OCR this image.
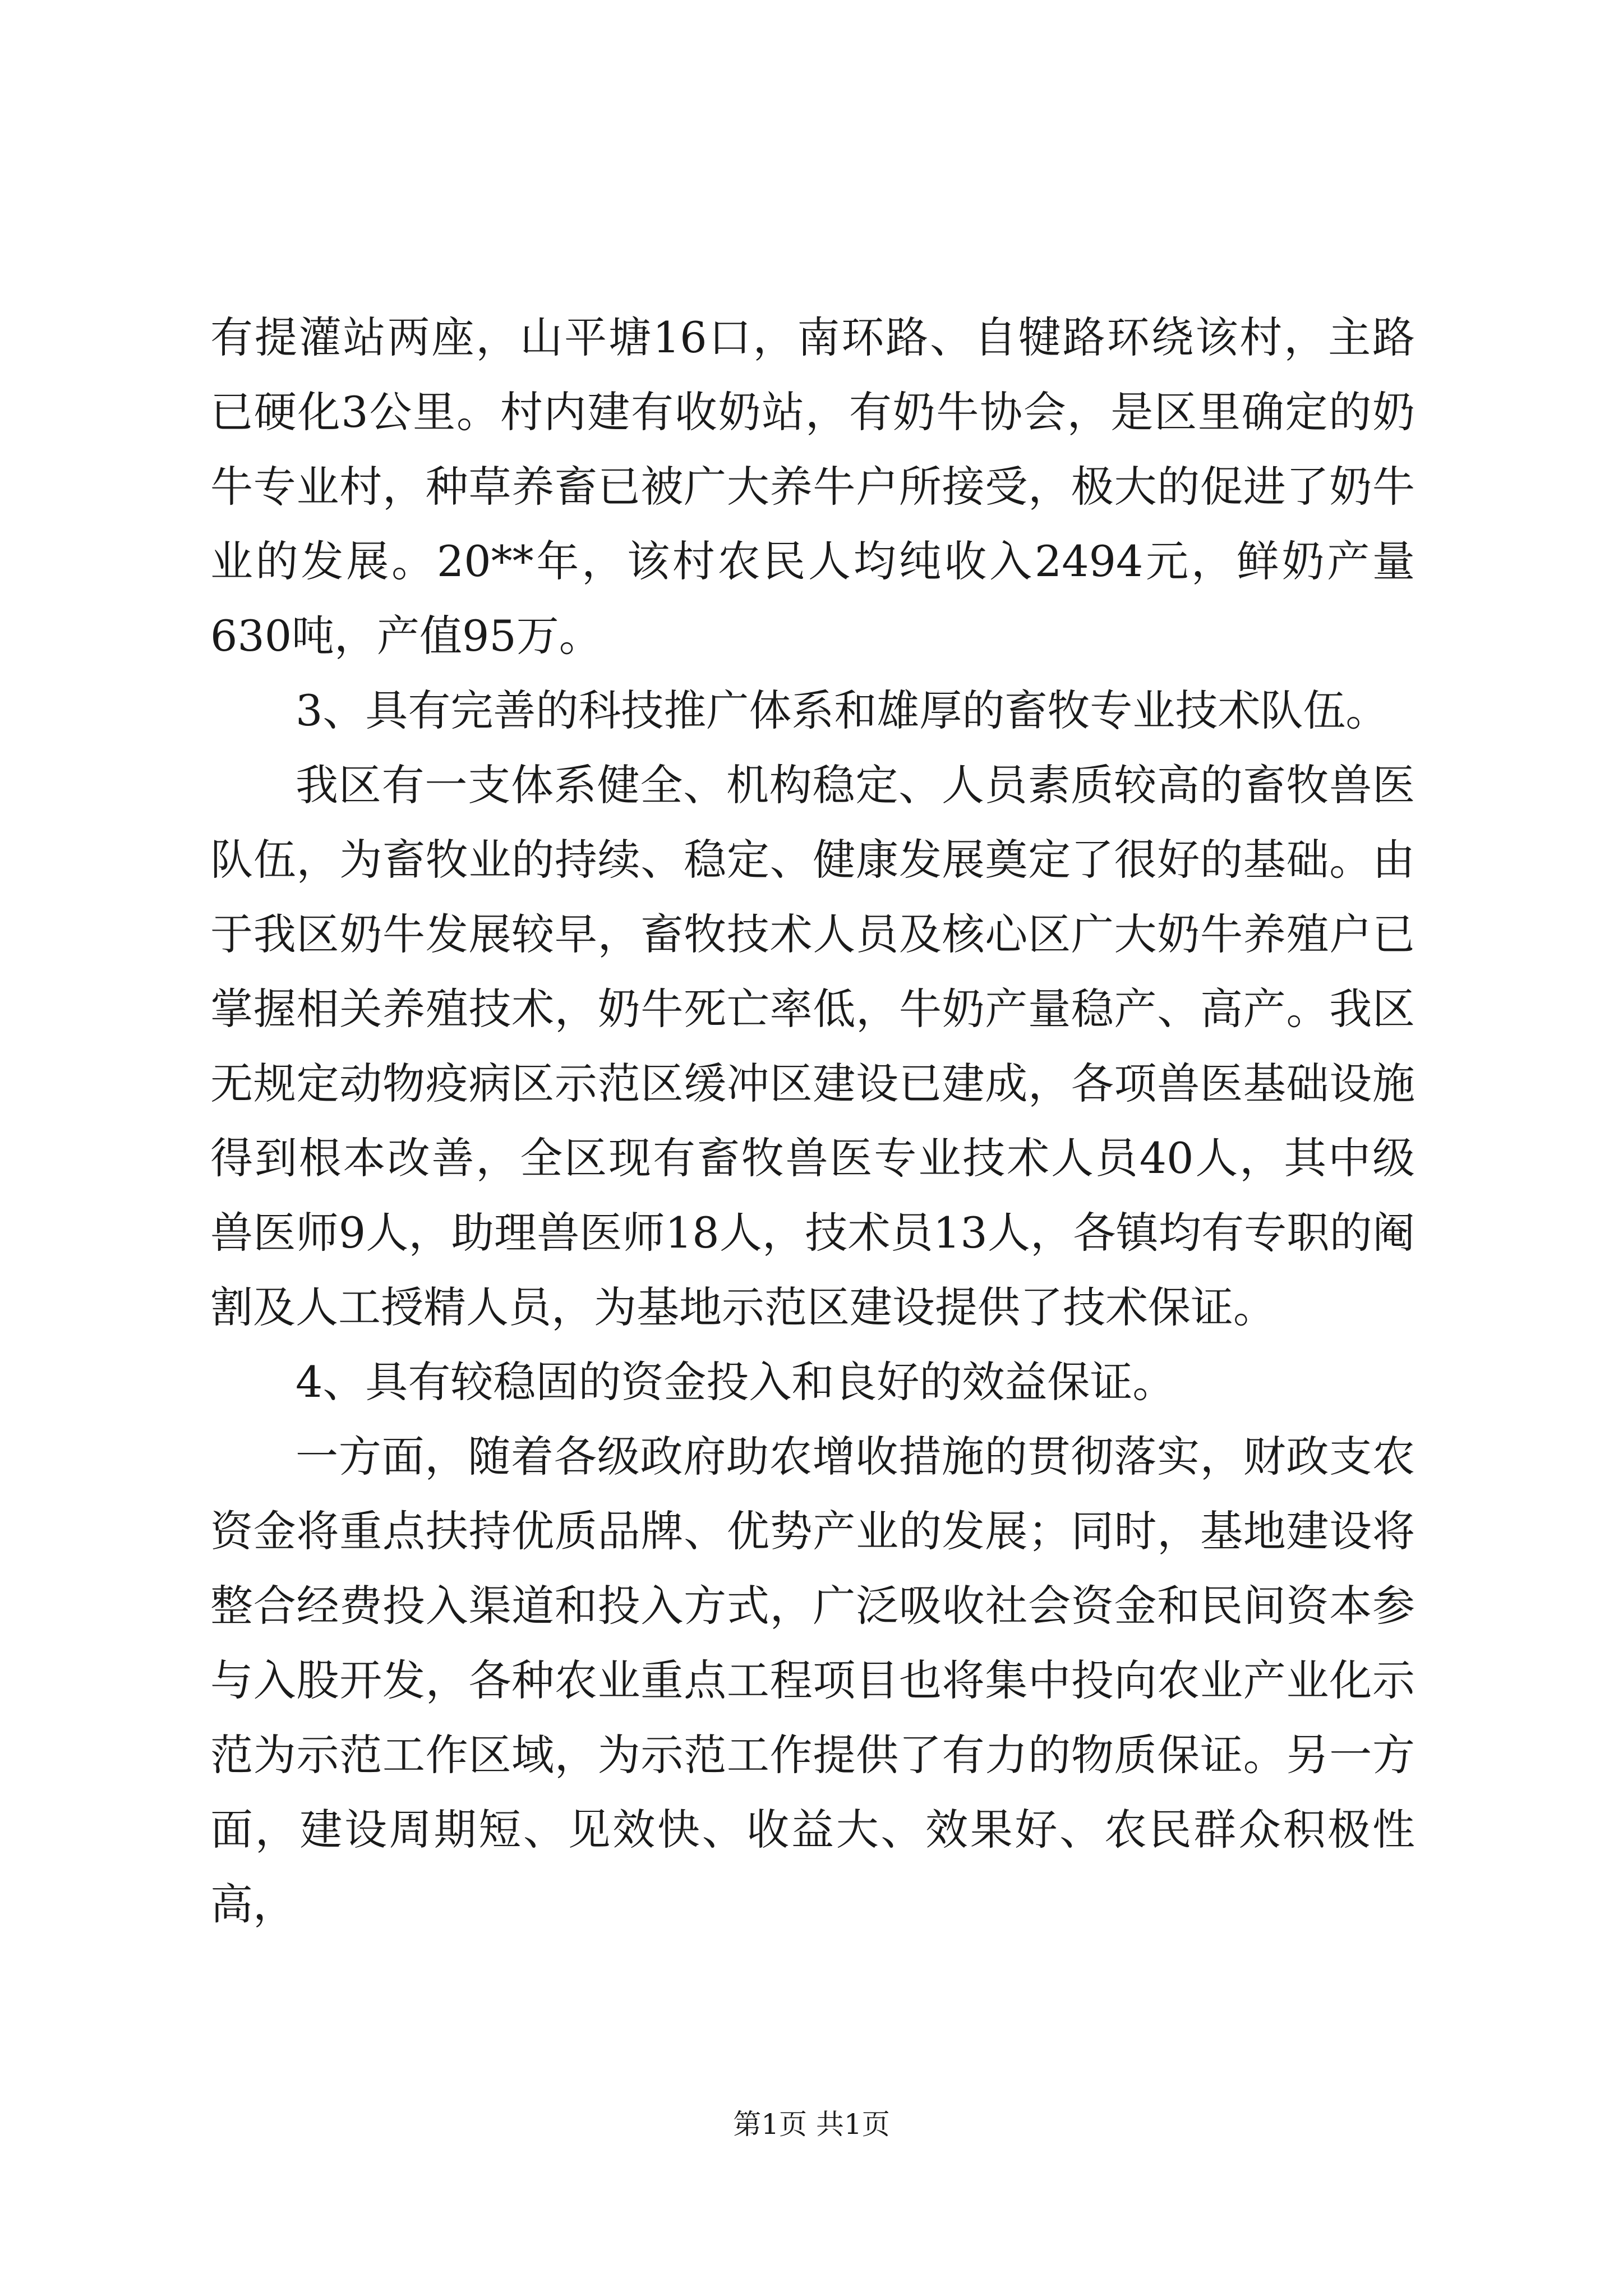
有提灌站两座，山平塘16口，南环路、自犍路环绕该村，主路已硬化3公里。村内建有收奶站，有奶牛协会，是区里确定的奶牛专业村，种草养畜已被广大养牛户所接受，极大的促进了奶牛业的发展。20**年，该村农民人均纯收入2494元，鲜奶产量630吨，产值95万。

3、具有完善的科技推广体系和雄厚的畜牧专业技术队伍。

我区有一支体系健全、机构稳定、人员素质较高的畜牧兽医队伍，为畜牧业的持续、稳定、健康发展奠定了很好的基础。由于我区奶牛发展较早，畜牧技术人员及核心区广大奶牛养殖户已掌握相关养殖技术，奶牛死亡率低，牛奶产量稳产、高产。我区无规定动物疫病区示范区缓冲区建设已建成，各项兽医基础设施得到根本改善，全区现有畜牧兽医专业技术人员40人，其中级兽医师9人，助理兽医师18人，技术员13人，各镇均有专职的阉割及人工授精人员，为基地示范区建设提供了技术保证。

4、具有较稳固的资金投入和良好的效益保证。

一方面，随着各级政府助农增收措施的贯彻落实，财政支农资金将重点扶持优质品牌、优势产业的发展；同时，基地建设将整合经费投入渠道和投入方式，广泛吸收社会资金和民间资本参与入股开发，各种农业重点工程项目也将集中投向农业产业化示范为示范工作区域，为示范工作提供了有力的物质保证。另一方面，建设周期短、见效快、收益大、效果好、农民群众积极性高，

第1页 共1页
